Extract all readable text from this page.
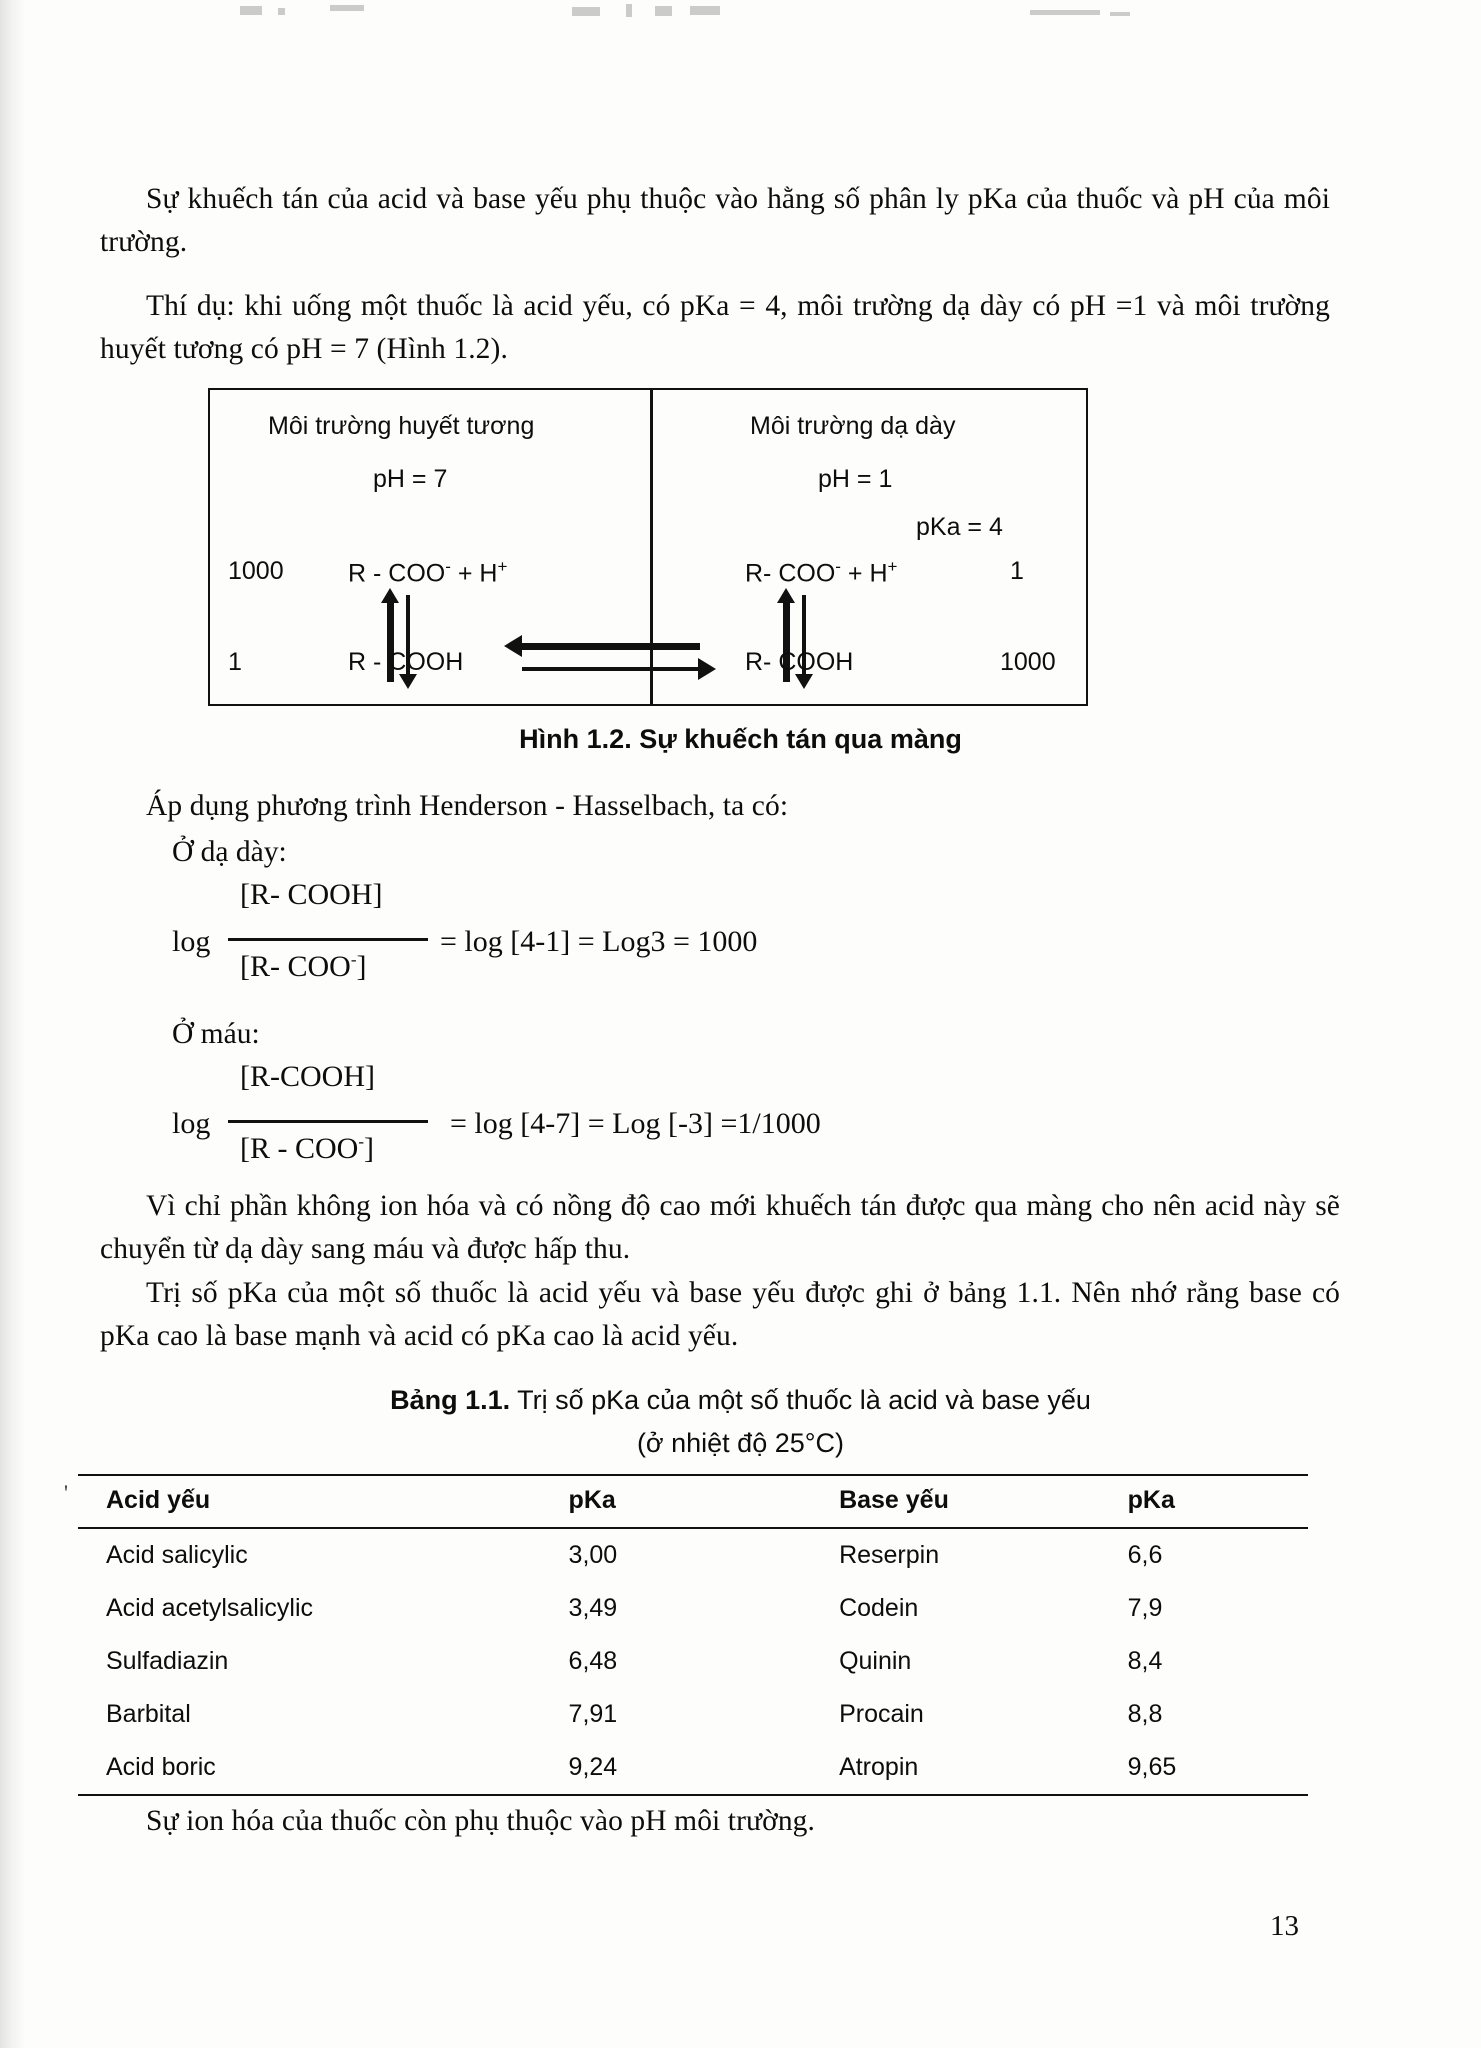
Sự khuếch tán của acid và base yếu phụ thuộc vào hằng số phân ly pKa của thuốc và pH của môi trường.
Thí dụ: khi uống một thuốc là acid yếu, có pKa = 4, môi trường dạ dày có pH =1 và môi trường huyết tương có pH = 7 (Hình 1.2).
Môi trường huyết tương
pH = 7
1000	R - COO- + H+
1	R - COOH
Môi trường dạ dày
pH = 1
pKa = 4
R- COO- + H+	1
R- COOH	1000
Hình 1.2. Sự khuếch tán qua màng
Áp dụng phương trình Henderson - Hasselbach, ta có:
Ở dạ dày:
log
[R- COOH]
[R- COO-]
= log [4-1] = Log3 = 1000
Ở máu:
log
[R-COOH]
[R - COO-]
= log [4-7] = Log [-3] =1/1000
Vì chỉ phần không ion hóa và có nồng độ cao mới khuếch tán được qua màng cho nên acid này sẽ chuyển từ dạ dày sang máu và được hấp thu.
Trị số pKa của một số thuốc là acid yếu và base yếu được ghi ở bảng 1.1. Nên nhớ rằng base có pKa cao là base mạnh và acid có pKa cao là acid yếu.
Bảng 1.1. Trị số pKa của một số thuốc là acid và base yếu
(ở nhiệt độ 25°C)
' Acid yếu	pKa	Base yếu	pKa
Acid salicylic	3,00	Reserpin	6,6
Acid acetylsalicylic	3,49	Codein	7,9
Sulfadiazin	6,48	Quinin	8,4
Barbital	7,91	Procain	8,8
Acid boric	9,24	Atropin	9,65
Sự ion hóa của thuốc còn phụ thuộc vào pH môi trường.
13
